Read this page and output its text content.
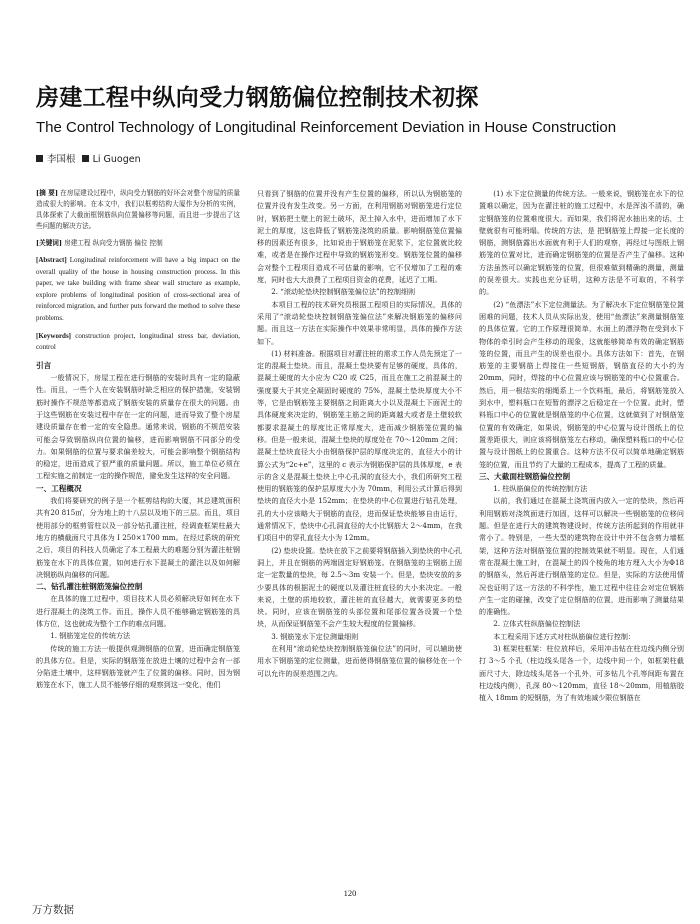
房建工程中纵向受力钢筋偏位控制技术初探
The Control Technology of Longitudinal Reinforcement Deviation in House Construction
李国根 Li Guogen

[摘 要] 在房屋建设过程中，纵向受力钢筋的好坏会对整个房屋的质量造成很大的影响。在本文中，我们以框剪结构大厦作为分析的实例，具体探索了大截面框钢筋纵向位置偏移等问题，而且进一步提出了这些问题的解决方法。

[关键词] 房建工程 纵向受力钢筋 偏位 控制

[Abstract] Longitudinal reinforcement will have a big impact on the overall quality of the house in housing construction process. In this paper, we take building with frame shear wall structure as example, explore problems of longitudinal position of cross-sectional area of reinforced migration, and further puts forward the method to solve these problems.

[Keywords] construction project, longitudinal stress bar, deviation, control

引言

一般情况下，房屋工程在进行钢筋的安装时具有一定的隐蔽性。而且，一些个人在安装钢筋时缺乏相应的保护措施，安装钢筋时操作不规范等都造成了钢筋安装的质量存在很大的问题。由于这些钢筋在安装过程中存在一定的问题，进而导致了整个房屋建设质量存在着一定的安全隐患。通常来说，钢筋的不规范安装可能会导致钢筋纵向位置的偏移，进而影响钢筋不同部分的受力。如果钢筋的位置与要求偏差较大，可能会影响整个钢筋结构的稳定，进而造成了很严重的质量问题。所以，施工单位必须在工程实施之前制定一定的操作规范，避免发生这样的安全问题。

一、工程概况

我们将要研究的例子是一个框剪结构的大厦，其总建筑面积共有20 815㎡，分为地上的十八层以及地下的三层。而且，项目使用部分的框剪管柱以及一部分钻孔灌注桩，经调查框架柱最大地方的横截面尺寸具体为 I 250×1700 mm。在经过系统的研究之后，项目的科技人员确定了本工程最大的难题分别为灌注桩钢筋笼在水下的具体位置，如何进行水下混凝土的灌注以及如何解决钢筋纵向偏移的问题。

二、钻孔灌注桩钢筋笼偏位控制

在具体的施工过程中，项目技术人员必须解决好如何在水下进行混凝土的浇筑工作。而且，操作人员不能够确定钢筋笼的具体方位，这也就成为整个工作的难点问题。

1. 钢筋笼定位的传统方法

传统的施工方法一般提供观测钢筋的位置，进而确定钢筋笼的具体方位。但是，实际的钢筋笼在放进土壤的过程中会有一部分陷进土壤中，这样钢筋笼就产生了位置的偏移。同时，因为钢筋笼在水下，施工人员不能够仔细的观察到这一变化，他们

只看到了钢筋的位置并没有产生位置的偏移，所以认为钢筋笼的位置并没有发生改变。另一方面，在利用钢筋对钢筋笼进行定位时，钢筋把土壁上的泥土破坏，泥土掉入水中，进而增加了水下泥土的厚度，这也降低了钢筋笼浇筑的质量。影响钢筋笼位置偏移的因素还有很多，比如说由于钢筋笼在泥浆下，定位置就比较难，或者是在操作过程中导致的钢筋笼形变。钢筋笼位置的偏移会对整个工程项目造成不可估量的影响，它不仅增加了工程的难度，同时也大大浪费了工程项目资金的花费，延迟了工期。

2. “滚动轮垫块控制钢筋笼偏位法”的控制细则

本项目工程的技术研究员根据工程项目的实际情况，具体的采用了“滚动轮垫块控制钢筋笼偏位法”来解决钢筋笼的偏移问题。而且这一方法在实际操作中效果非常明显，具体的操作方法如下。

(1) 材料准备。根据项目对灌注桩的需求工作人员先预定了一定的混凝土垫块。而且，混凝土垫块要有足够的硬度，具体的，混凝土硬度的大小应为 C20 或 C25，而且在施工之前混凝土的强度要大于其完全凝固时硬度的 75%，混凝土垫块厚度大小不等，它是由钢筋笼主要钢筋之间距离大小以及混凝土下面泥土的具体硬度来决定的，钢筋笼主筋之间的距离越大或者是土壁较软都要求混凝土的厚度比正常厚度大，进而减少钢筋笼位置的偏移。但是一般来说，混凝土垫块的厚度处在 70～120mm 之间；混凝土垫块直径大小由钢筋保护层的厚度决定的，直径大小的计算公式为“2c+e”，这里的 c 表示为钢筋保护层的具体厚度，e 表示的含义是混凝土垫块上中心孔洞的直径大小，我们所研究工程使用的钢筋笼的保护层厚度大小为 70mm，利用公式计算后得到垫块的直径大小是 152mm；在垫块的中心位置进行钻孔处理，孔的大小应该略大于钢筋的直径，进而保证垫块能够自由运行，通常情况下，垫块中心孔洞直径的大小比钢筋大 2～4mm，在我们项目中的穿孔直径大小为 12mm。

(2) 垫块设置。垫块在放下之前要将钢筋插入到垫块的中心孔洞上，并且在钢筋的两端固定好钢筋笼。在钢筋笼的主钢筋上固定一定数量的垫块，每 2.5～3m 安装一个。但是，垫块安放的多少要具体的根据泥土的硬度以及灌注桩直径的大小来决定。一般来说，土壁的质地较软，灌注桩的直径越大，就需要更多的垫块。同时，应该在钢筋笼的头部位置和尾部位置各设置一个垫块，从而保证钢筋笼不会产生较大程度的位置偏移。

3. 钢筋笼水下定位测量细则

在利用“滚动轮垫块控制钢筋笼偏位法”的同时，可以辅助使用水下钢筋笼的定位测量，进而使得钢筋笼位置的偏移处在一个可以允许的误差范围之内。

(1) 水下定位测量的传统方法。一般来说，钢筋笼在水下的位置难以确定，因为在灌注桩的施工过程中，水是浑浊不清的，确定钢筋笼的位置难度很大。而如果，我们将泥水抽出来的话，土壁就很有可能坍塌。传统的方法，是 把钢筋笼上焊接一定长度的钢筋，测钢筋露出水面就有利于人们的观察，再经过与图纸上钢筋笼的位置对比，进而确定钢筋笼的位置是否产生了偏移。这种方法虽然可以确定钢筋笼的位置，但很难做到精确的测量，测量的误差很大。实践也充分证明，这种方法是不可取的，不科学的。

(2) “鱼漂法”水下定位测量法。为了解决水下定位钢筋笼位置困难的问题，技术人员从实际出发，使用“鱼漂法”来测量钢筋笼的具体位置。它的工作原理很简单，水面上的漂浮物在受到水下物体的牵引时会产生移动的现象，这就能够简单有效的确定钢筋笼的位置，而且产生的误差也很小。具体方法如下：首先，在钢筋笼的主要钢筋上焊接住一些短钢筋，钢筋直径的大小约为 20mm，同时，焊接的中心位置应该与钢筋笼的中心位置重合。然后，用一根结实的细绳系上一个饮料瓶，最后，将钢筋笼放入到水中，塑料瓶口在短暂的漂浮之后稳定在一个位置。此时，塑料瓶口中心的位置就是钢筋笼的中心位置，这就做到了对钢筋笼位置的有效确定，如果说，钢筋笼的中心位置与设计图纸上的位置差距很大，则应该将钢筋笼左右移动，确保塑料瓶口的中心位置与设计图纸上的位置重合。这种方法不仅可以简单地确定钢筋笼的位置，而且节约了大量的工程成本，提高了工程的质量。

三、大截面柱钢筋偏位控制

1. 柱纵筋偏位的传统控制方法

以前，我们通过在混凝土浇筑面内放入一定的垫块，然后再利用钢筋对浇筑面进行加固，这样可以解决一些钢筋笼的位移问题。但是在进行大的建筑物建设时，传统方法所起到的作用就非常小了。特别是，一些大型的建筑物在设计中并不包含剪力墙框架，这种方法对钢筋笼位置的控制效果就不明显。现在，人们通常在混凝土施工时，在混凝土的四个棱角的地方埋入大小为Φ18的钢筋头，然后再进行钢筋笼的定位。但是，实际的方法使用情况也证明了这一方法的不科学性，施工过程中往往会对定位钢筋产生一定的碰撞，改变了定位钢筋的位置，进而影响了测量结果的准确性。

2. 立体式柱纵筋偏位控制法

本工程采用下述方式对柱纵筋偏位进行控制：

3) 框架柱框架：柱位放样后，采用冲击钻在柱边线内侧分别打 3～5 个孔（柱边线头尾各一个，边线中间一个，如框架柱截面尺寸大，除边线头尾各一个孔外，可多钻几个孔等间距布置在柱边线内侧），孔深 80～120mm，直径 18～20mm，用植筋胶植入 18mm 的短钢筋，为了有效地减少限位钢筋在

120
万方数据
